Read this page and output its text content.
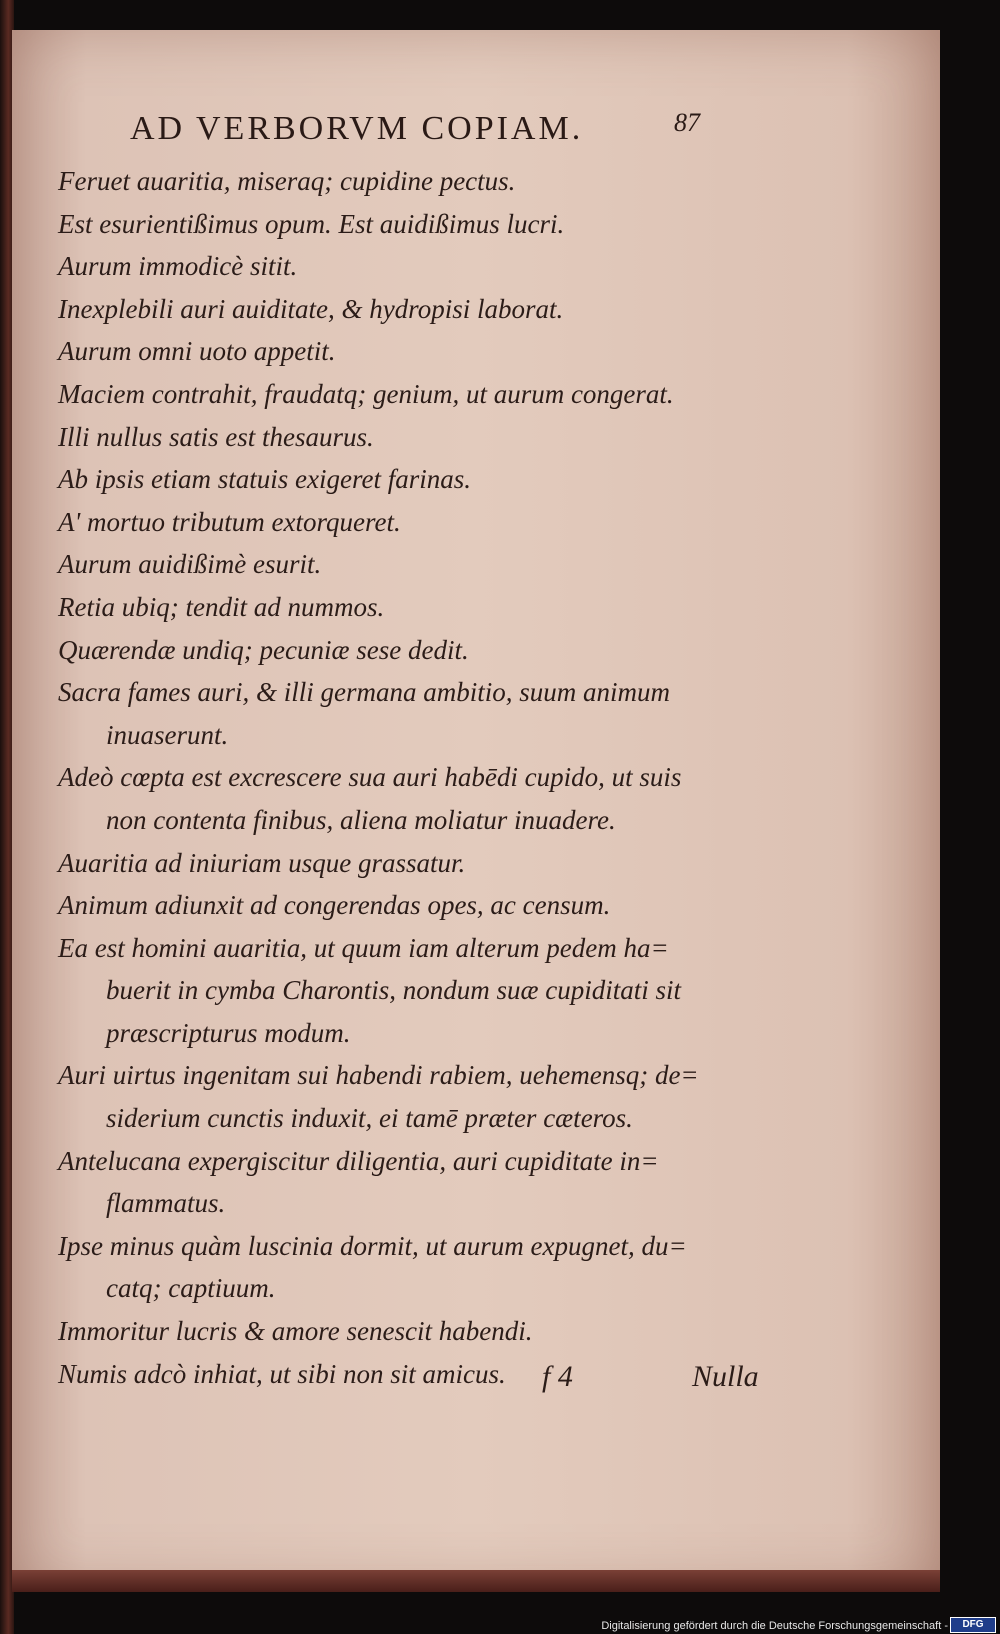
AD VERBORVM COPIAM.	87
Feruet auaritia, miseraq; cupidine pectus.
Est esurientißimus opum. Est auidißimus lucri.
Aurum immodicè sitit.
Inexplebili auri auiditate, & hydropisi laborat.
Aurum omni uoto appetit.
Maciem contrahit, fraudatq; genium, ut aurum congerat.
Illi nullus satis est thesaurus.
Ab ipsis etiam statuis exigeret farinas.
A' mortuo tributum extorqueret.
Aurum auidißimè esurit.
Retia ubiq; tendit ad nummos.
Quærendæ undiq; pecuniæ sese dedit.
Sacra fames auri, & illi germana ambitio, suum animum
inuaserunt.
Adeò cœpta est excrescere sua auri habēdi cupido, ut suis
non contenta finibus, aliena moliatur inuadere.
Auaritia ad iniuriam usque grassatur.
Animum adiunxit ad congerendas opes, ac censum.
Ea est homini auaritia, ut quum iam alterum pedem ha=
buerit in cymba Charontis, nondum suæ cupiditati sit
præscripturus modum.
Auri uirtus ingenitam sui habendi rabiem, uehemensq; de=
siderium cunctis induxit, ei tamē præter cæteros.
Antelucana expergiscitur diligentia, auri cupiditate in=
flammatus.
Ipse minus quàm luscinia dormit, ut aurum expugnet, du=
catq; captiuum.
Immoritur lucris & amore senescit habendi.
Numis adcò inhiat, ut sibi non sit amicus.	f 4	Nulla
Digitalisierung gefördert durch die Deutsche Forschungsgemeinschaft -	DFG
